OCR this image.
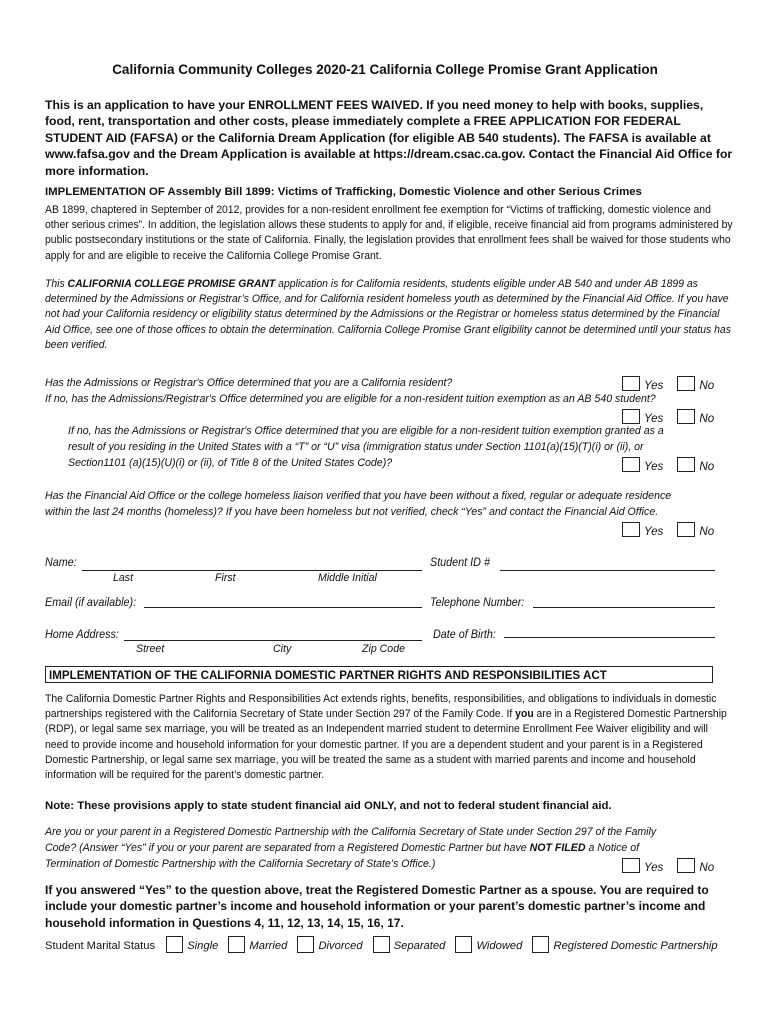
California Community Colleges 2020-21 California College Promise Grant Application
This is an application to have your ENROLLMENT FEES WAIVED. If you need money to help with books, supplies, food, rent, transportation and other costs, please immediately complete a FREE APPLICATION FOR FEDERAL STUDENT AID (FAFSA) or the California Dream Application (for eligible AB 540 students). The FAFSA is available at www.fafsa.gov and the Dream Application is available at https://dream.csac.ca.gov. Contact the Financial Aid Office for more information.
IMPLEMENTATION OF Assembly Bill 1899: Victims of Trafficking, Domestic Violence and other Serious Crimes
AB 1899, chaptered in September of 2012, provides for a non-resident enrollment fee exemption for “Victims of trafficking, domestic violence and other serious crimes”. In addition, the legislation allows these students to apply for and, if eligible, receive financial aid from programs administered by public postsecondary institutions or the state of California. Finally, the legislation provides that enrollment fees shall be waived for those students who apply for and are eligible to receive the California College Promise Grant.
This CALIFORNIA COLLEGE PROMISE GRANT application is for California residents, students eligible under AB 540 and under AB 1899 as determined by the Admissions or Registrar’s Office, and for California resident homeless youth as determined by the Financial Aid Office. If you have not had your California residency or eligibility status determined by the Admissions or the Registrar or homeless status determined by the Financial Aid Office, see one of those offices to obtain the determination. California College Promise Grant eligibility cannot be determined until your status has been verified.
Has the Admissions or Registrar's Office determined that you are a California resident?	Yes	No
If no, has the Admissions/Registrar's Office determined you are eligible for a non-resident tuition exemption as an AB 540 student?
Yes	No
If no, has the Admissions or Registrar's Office determined that you are eligible for a non-resident tuition exemption granted as a
result of you residing in the United States with a “T” or “U” visa (immigration status under Section 1101(a)(15)(T)(i) or (ii), or
Section1101 (a)(15)(U)(i) or (ii), of Title 8 of the United States Code)?	Yes	No
Has the Financial Aid Office or the college homeless liaison verified that you have been without a fixed, regular or adequate residence
within the last 24 months (homeless)? If you have been homeless but not verified, check “Yes” and contact the Financial Aid Office.
Yes	No
Name:
Last	First	Middle Initial
Student ID #
Email (if available):	Telephone Number:
Home Address:
Street	City	Zip Code
Date of Birth:
IMPLEMENTATION OF THE CALIFORNIA DOMESTIC PARTNER RIGHTS AND RESPONSIBILITIES ACT
The California Domestic Partner Rights and Responsibilities Act extends rights, benefits, responsibilities, and obligations to individuals in domestic partnerships registered with the California Secretary of State under Section 297 of the Family Code. If you are in a Registered Domestic Partnership (RDP), or legal same sex marriage, you will be treated as an Independent married student to determine Enrollment Fee Waiver eligibility and will need to provide income and household information for your domestic partner. If you are a dependent student and your parent is in a Registered Domestic Partnership, or legal same sex marriage, you will be treated the same as a student with married parents and income and household information will be required for the parent’s domestic partner.
Note: These provisions apply to state student financial aid ONLY, and not to federal student financial aid.
Are you or your parent in a Registered Domestic Partnership with the California Secretary of State under Section 297 of the Family
Code? (Answer “Yes” if you or your parent are separated from a Registered Domestic Partner but have NOT FILED a Notice of
Termination of Domestic Partnership with the California Secretary of State’s Office.)	Yes	No
If you answered “Yes” to the question above, treat the Registered Domestic Partner as a spouse. You are required to include your domestic partner’s income and household information or your parent’s domestic partner’s income and household information in Questions 4, 11, 12, 13, 14, 15, 16, 17.
Student Marital Status	Single	Married	Divorced	Separated	Widowed	Registered Domestic Partnership
